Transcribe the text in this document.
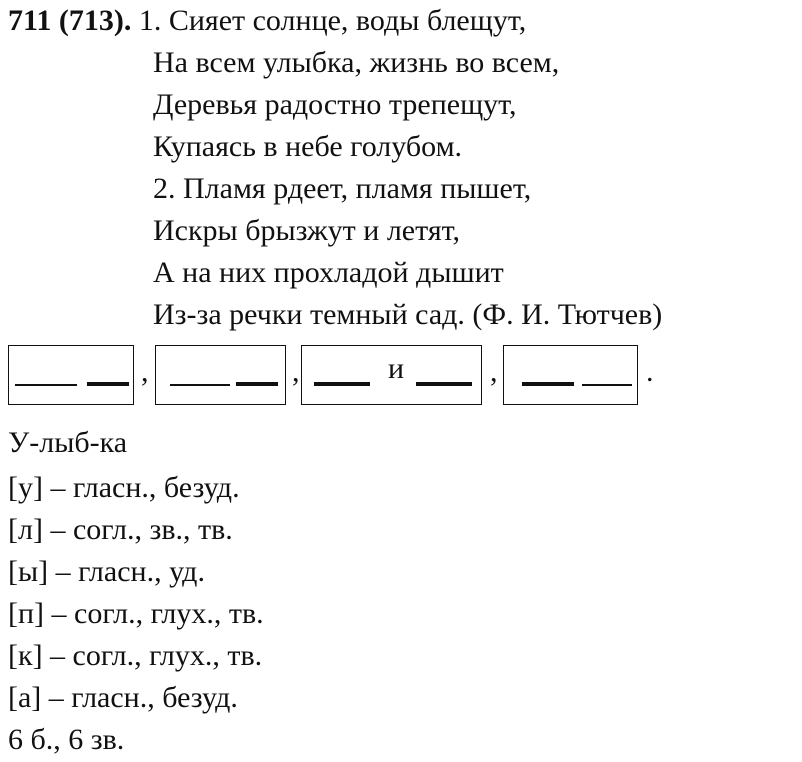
711 (713). 1. Сияет солнце, воды блещут,
На всем улыбка, жизнь во всем,
Деревья радостно трепещут,
Купаясь в небе голубом.
2. Пламя рдеет, пламя пышет,
Искры брызжут и летят,
А на них прохладой дышит
Из-за речки темный сад. (Ф. И. Тютчев)
,	,	и	,	.
У-лыб-ка
[у] – гласн., безуд.
[л] – согл., зв., тв.
[ы] – гласн., уд.
[п] – согл., глух., тв.
[к] – согл., глух., тв.
[а] – гласн., безуд.
6 б., 6 зв.
